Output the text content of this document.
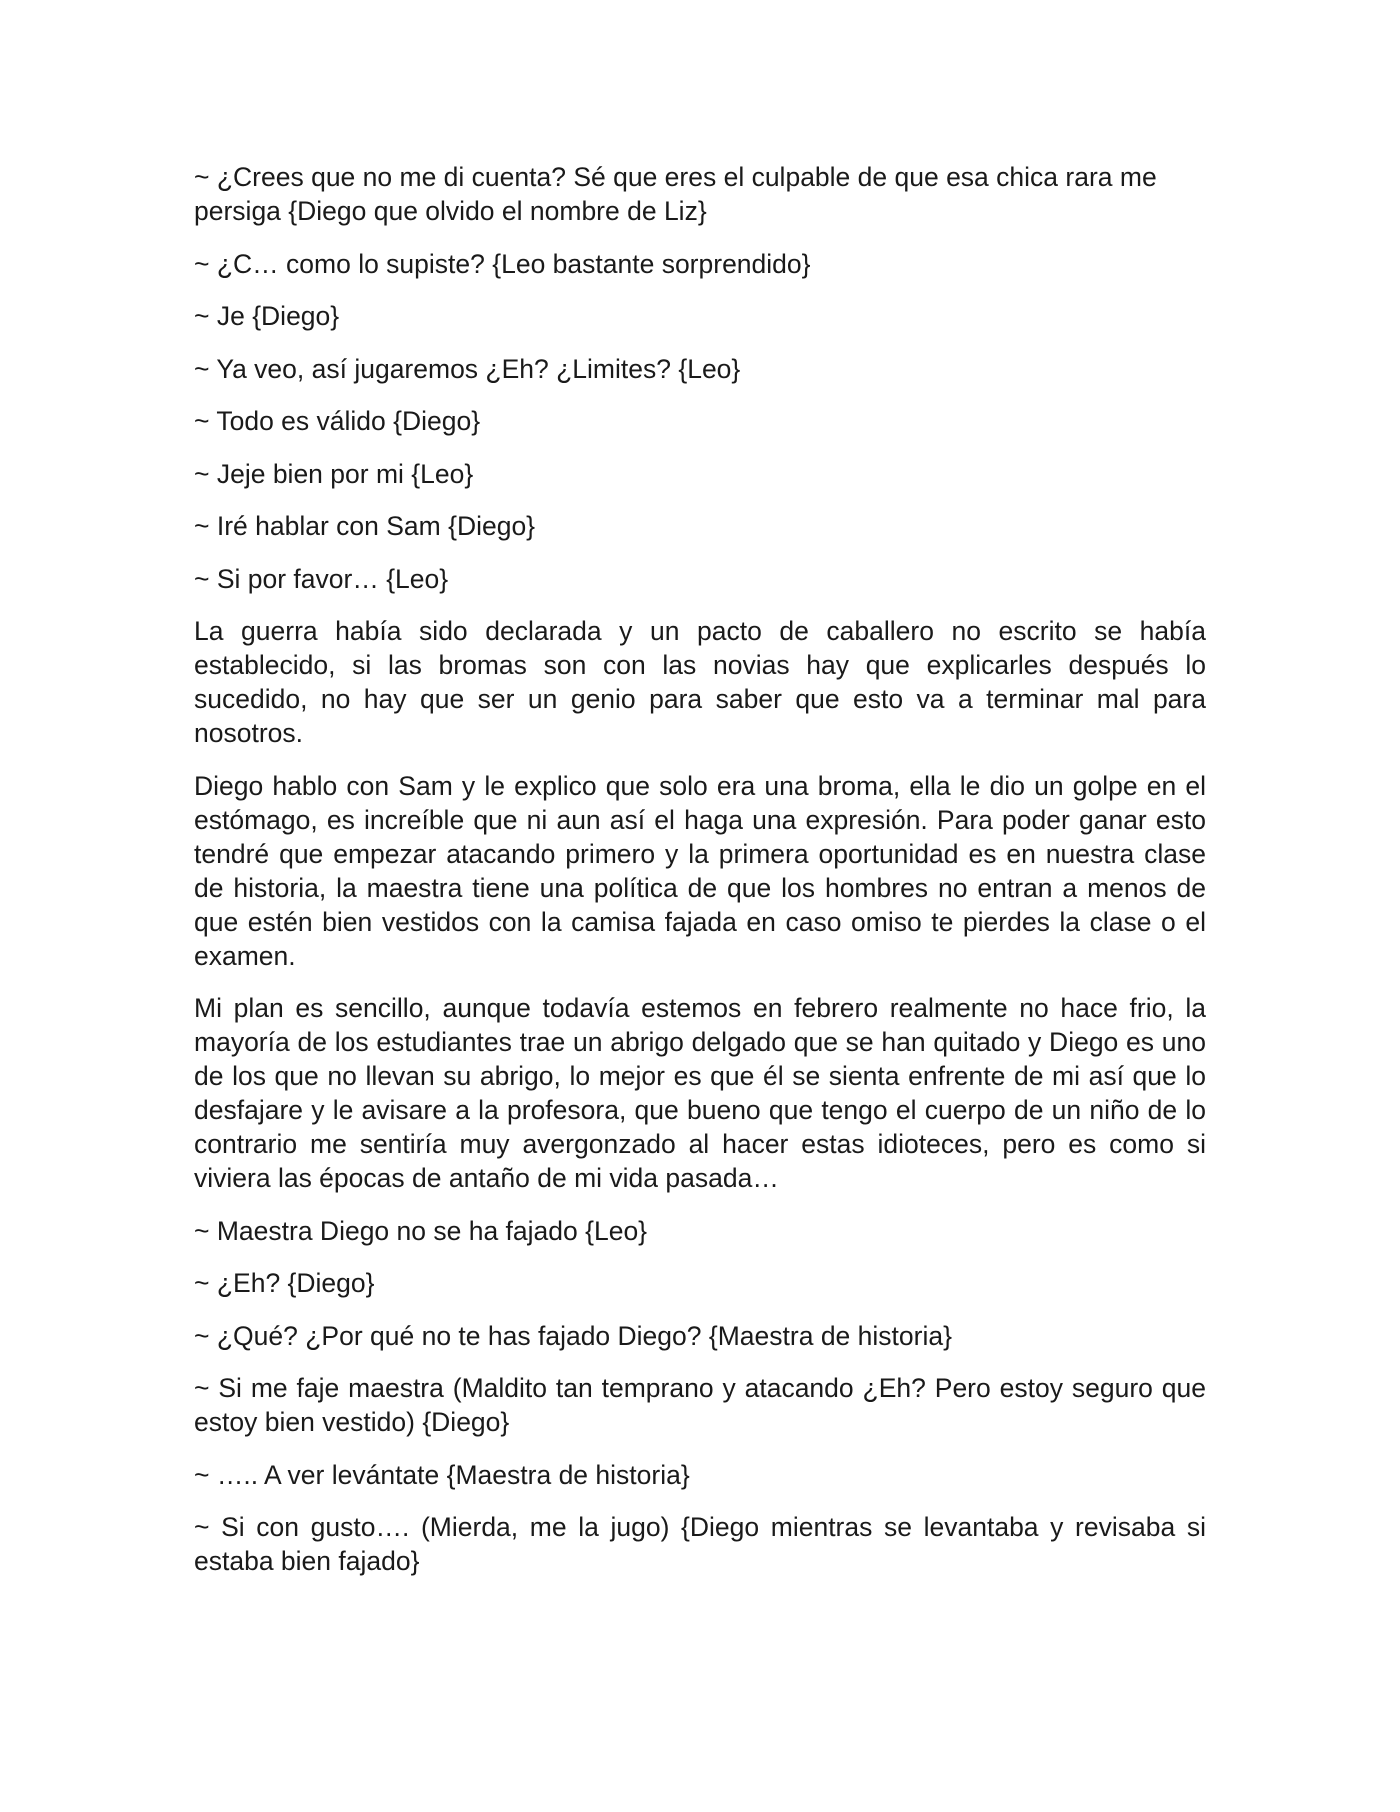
~ ¿Crees que no me di cuenta? Sé que eres el culpable de que esa chica rara me persiga {Diego que olvido el nombre de Liz}

~ ¿C… como lo supiste? {Leo bastante sorprendido}

~ Je {Diego}

~ Ya veo, así jugaremos ¿Eh? ¿Limites? {Leo}

~ Todo es válido {Diego}

~ Jeje bien por mi {Leo}

~ Iré hablar con Sam {Diego}

~ Si por favor… {Leo}

La guerra había sido declarada y un pacto de caballero no escrito se había establecido, si las bromas son con las novias hay que explicarles después lo sucedido, no hay que ser un genio para saber que esto va a terminar mal para nosotros.

Diego hablo con Sam y le explico que solo era una broma, ella le dio un golpe en el estómago, es increíble que ni aun así el haga una expresión. Para poder ganar esto tendré que empezar atacando primero y la primera oportunidad es en nuestra clase de historia, la maestra tiene una política de que los hombres no entran a menos de que estén bien vestidos con la camisa fajada en caso omiso te pierdes la clase o el examen.

Mi plan es sencillo, aunque todavía estemos en febrero realmente no hace frio, la mayoría de los estudiantes trae un abrigo delgado que se han quitado y Diego es uno de los que no llevan su abrigo, lo mejor es que él se sienta enfrente de mi así que lo desfajare y le avisare a la profesora, que bueno que tengo el cuerpo de un niño de lo contrario me sentiría muy avergonzado al hacer estas idioteces, pero es como si viviera las épocas de antaño de mi vida pasada…

~ Maestra Diego no se ha fajado {Leo}

~ ¿Eh? {Diego}

~ ¿Qué? ¿Por qué no te has fajado Diego? {Maestra de historia}

~ Si me faje maestra (Maldito tan temprano y atacando ¿Eh? Pero estoy seguro que estoy bien vestido) {Diego}

~ ….. A ver levántate {Maestra de historia}

~ Si con gusto…. (Mierda, me la jugo) {Diego mientras se levantaba y revisaba si estaba bien fajado}
